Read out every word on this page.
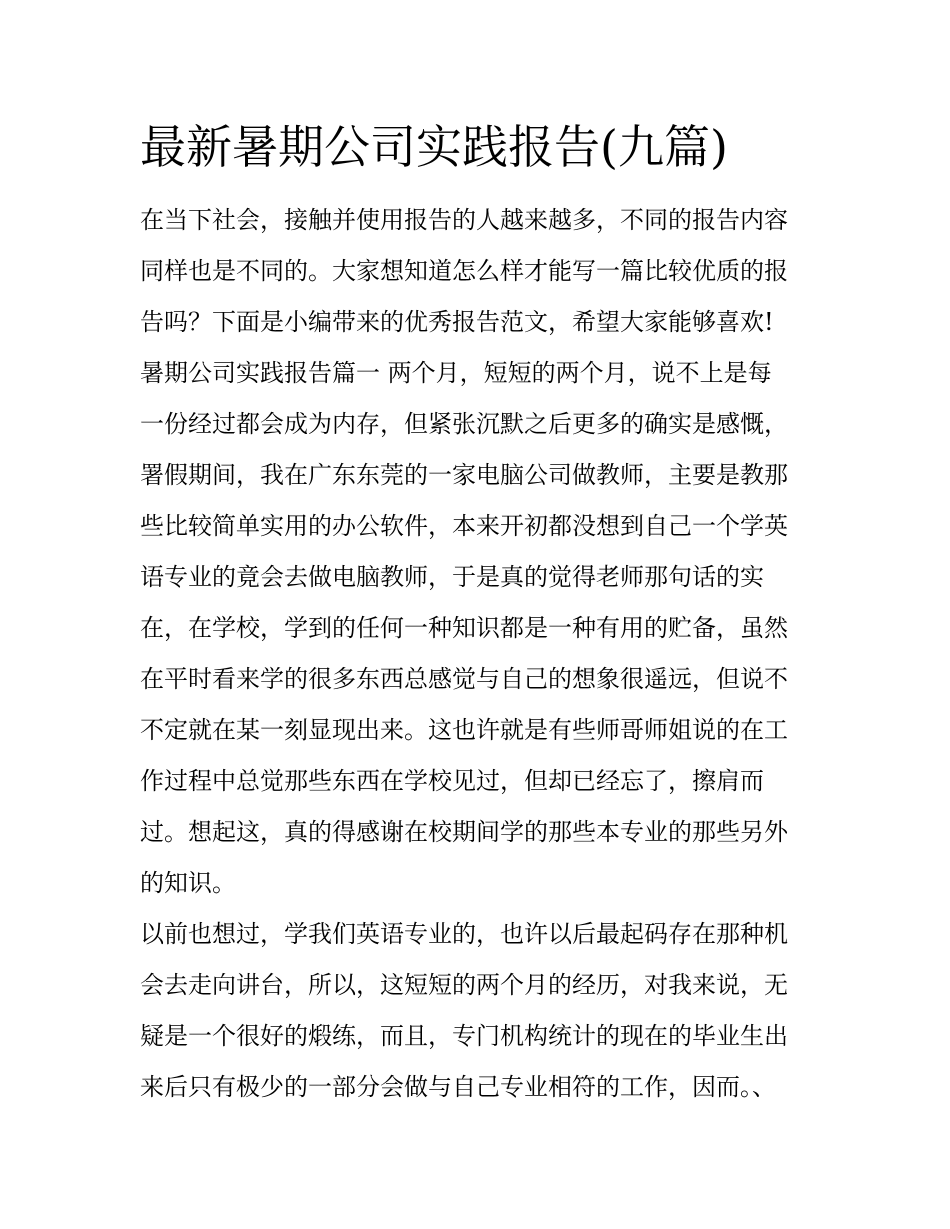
最新暑期公司实践报告(九篇)
在当下社会，接触并使用报告的人越来越多，不同的报告内容
同样也是不同的。大家想知道怎么样才能写一篇比较优质的报
告吗？下面是小编带来的优秀报告范文，希望大家能够喜欢!
暑期公司实践报告篇一 两个月，短短的两个月，说不上是每
一份经过都会成为内存，但紧张沉默之后更多的确实是感慨，
署假期间，我在广东东莞的一家电脑公司做教师，主要是教那
些比较简单实用的办公软件，本来开初都没想到自己一个学英
语专业的竟会去做电脑教师，于是真的觉得老师那句话的实
在，在学校，学到的任何一种知识都是一种有用的贮备，虽然
在平时看来学的很多东西总感觉与自己的想象很遥远，但说不
不定就在某一刻显现出来。这也许就是有些师哥师姐说的在工
作过程中总觉那些东西在学校见过，但却已经忘了，擦肩而
过。想起这，真的得感谢在校期间学的那些本专业的那些另外
的知识。
以前也想过，学我们英语专业的，也许以后最起码存在那种机
会去走向讲台，所以，这短短的两个月的经历，对我来说，无
疑是一个很好的煅练，而且，专门机构统计的现在的毕业生出
来后只有极少的一部分会做与自己专业相符的工作，因而。、
